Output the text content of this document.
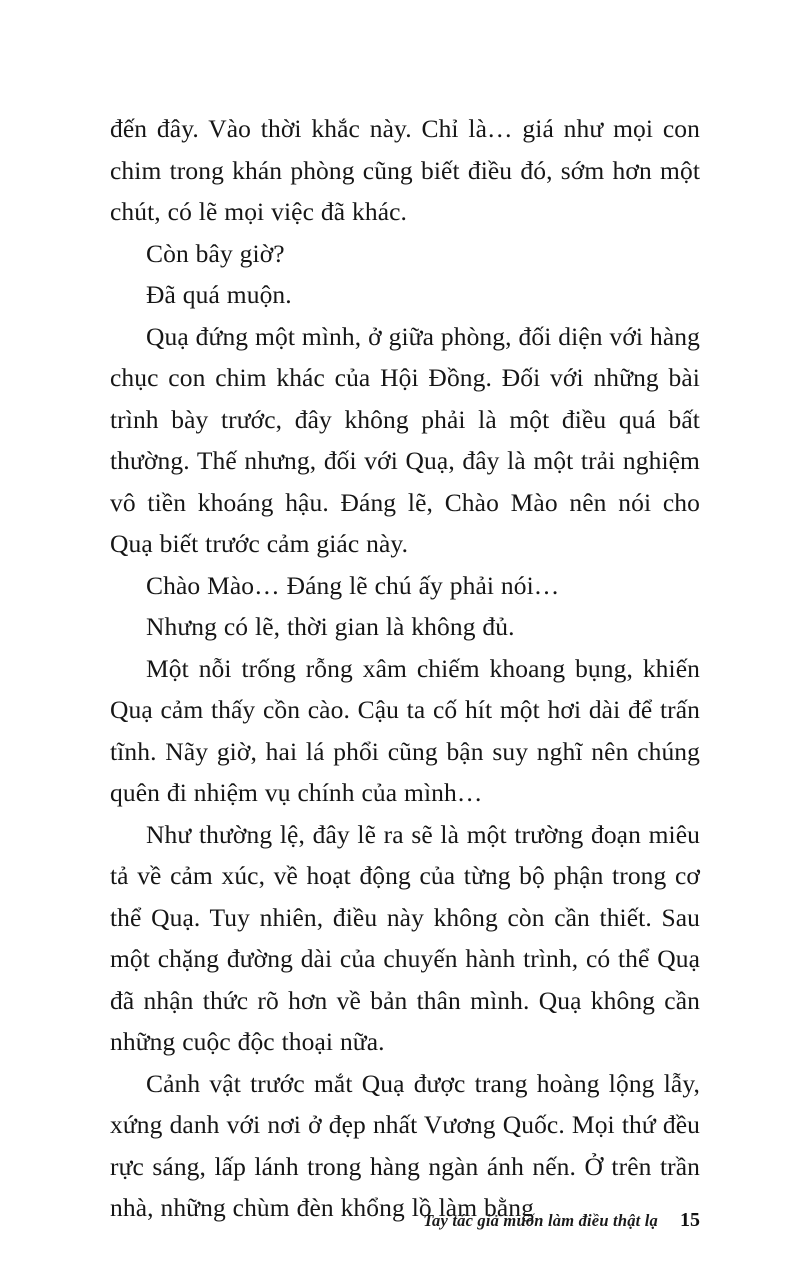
đến đây. Vào thời khắc này. Chỉ là… giá như mọi con chim trong khán phòng cũng biết điều đó, sớm hơn một chút, có lẽ mọi việc đã khác.

Còn bây giờ?

Đã quá muộn.

Quạ đứng một mình, ở giữa phòng, đối diện với hàng chục con chim khác của Hội Đồng. Đối với những bài trình bày trước, đây không phải là một điều quá bất thường. Thế nhưng, đối với Quạ, đây là một trải nghiệm vô tiền khoáng hậu. Đáng lẽ, Chào Mào nên nói cho Quạ biết trước cảm giác này.

Chào Mào… Đáng lẽ chú ấy phải nói…

Nhưng có lẽ, thời gian là không đủ.

Một nỗi trống rỗng xâm chiếm khoang bụng, khiến Quạ cảm thấy cồn cào. Cậu ta cố hít một hơi dài để trấn tĩnh. Nãy giờ, hai lá phổi cũng bận suy nghĩ nên chúng quên đi nhiệm vụ chính của mình…

Như thường lệ, đây lẽ ra sẽ là một trường đoạn miêu tả về cảm xúc, về hoạt động của từng bộ phận trong cơ thể Quạ. Tuy nhiên, điều này không còn cần thiết. Sau một chặng đường dài của chuyến hành trình, có thể Quạ đã nhận thức rõ hơn về bản thân mình. Quạ không cần những cuộc độc thoại nữa.

Cảnh vật trước mắt Quạ được trang hoàng lộng lẫy, xứng danh với nơi ở đẹp nhất Vương Quốc. Mọi thứ đều rực sáng, lấp lánh trong hàng ngàn ánh nến. Ở trên trần nhà, những chùm đèn khổng lồ làm bằng

Tay tác giả muốn làm điều thật lạ 15
